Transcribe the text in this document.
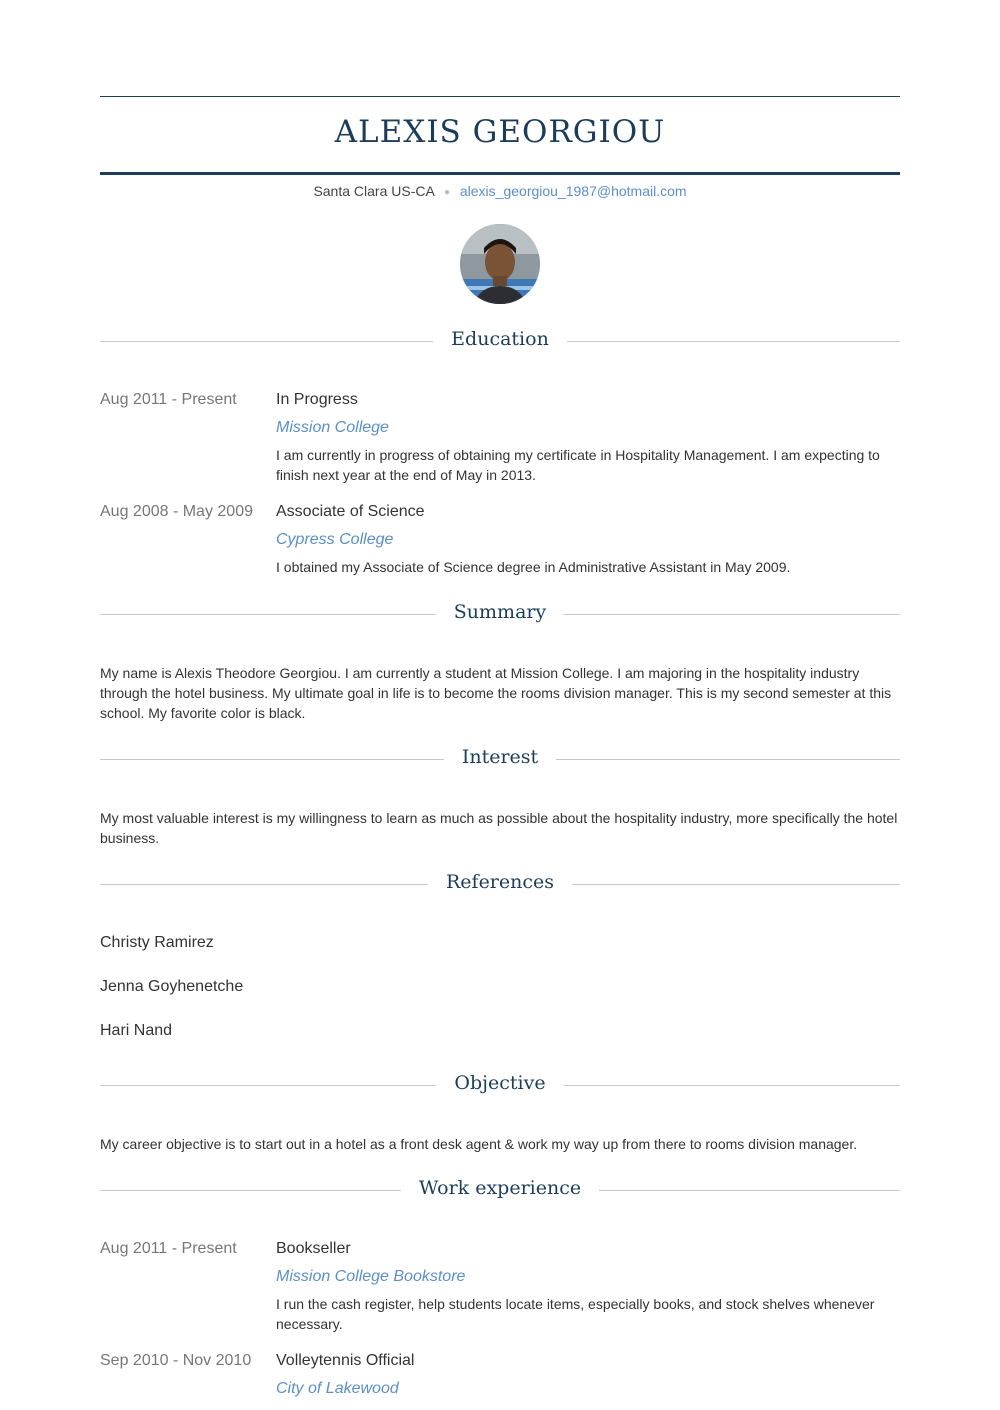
ALEXIS GEORGIOU
Santa Clara US-CA ● alexis_georgiou_1987@hotmail.com
Education
Aug 2011 - Present In Progress
Mission College
I am currently in progress of obtaining my certificate in Hospitality Management. I am expecting to finish next year at the end of May in 2013.
Aug 2008 - May 2009 Associate of Science
Cypress College
I obtained my Associate of Science degree in Administrative Assistant in May 2009.
Summary
My name is Alexis Theodore Georgiou. I am currently a student at Mission College. I am majoring in the hospitality industry through the hotel business. My ultimate goal in life is to become the rooms division manager. This is my second semester at this school. My favorite color is black.
Interest
My most valuable interest is my willingness to learn as much as possible about the hospitality industry, more specifically the hotel business.
References
Christy Ramirez
Jenna Goyhenetche
Hari Nand
Objective
My career objective is to start out in a hotel as a front desk agent & work my way up from there to rooms division manager.
Work experience
Aug 2011 - Present Bookseller
Mission College Bookstore
I run the cash register, help students locate items, especially books, and stock shelves whenever necessary.
Sep 2010 - Nov 2010 Volleytennis Official
City of Lakewood
